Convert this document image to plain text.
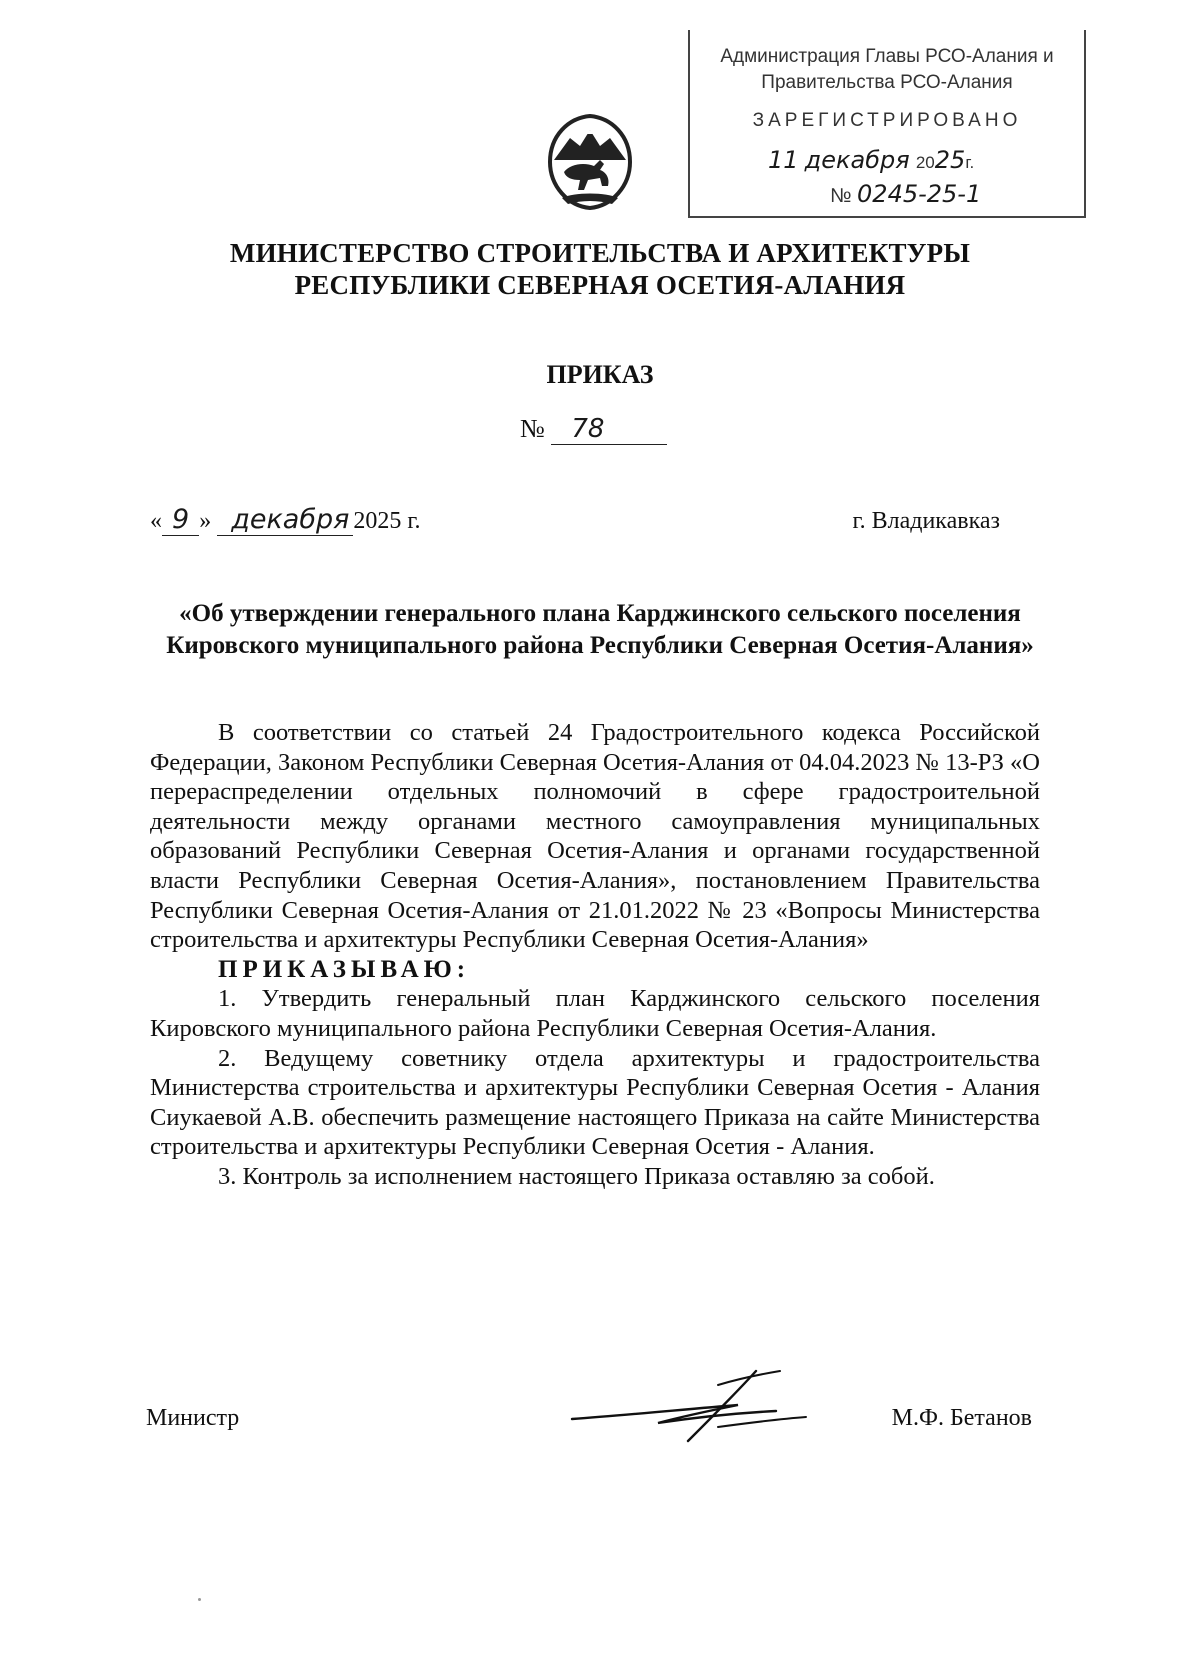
Администрация Главы РСО-Алания и
Правительства РСО-Алания
ЗАРЕГИСТРИРОВАНО
11 декабря 2025г.
№ 0245-25-1
МИНИСТЕРСТВО СТРОИТЕЛЬСТВА И АРХИТЕКТУРЫ
РЕСПУБЛИКИ СЕВЕРНАЯ ОСЕТИЯ-АЛАНИЯ
ПРИКАЗ
№ 78
« 9 » декабря 2025 г.	г. Владикавказ
«Об утверждении генерального плана Карджинского сельского поселения Кировского муниципального района Республики Северная Осетия-Алания»

В соответствии со статьей 24 Градостроительного кодекса Российской Федерации, Законом Республики Северная Осетия-Алания от 04.04.2023 № 13-РЗ «О перераспределении отдельных полномочий в сфере градостроительной деятельности между органами местного самоуправления муниципальных образований Республики Северная Осетия-Алания и органами государственной власти Республики Северная Осетия-Алания», постановлением Правительства Республики Северная Осетия-Алания от 21.01.2022 № 23 «Вопросы Министерства строительства и архитектуры Республики Северная Осетия-Алания»

ПРИКАЗЫВАЮ:

1. Утвердить генеральный план Карджинского сельского поселения Кировского муниципального района Республики Северная Осетия-Алания.

2. Ведущему советнику отдела архитектуры и градостроительства Министерства строительства и архитектуры Республики Северная Осетия - Алания Сиукаевой А.В. обеспечить размещение настоящего Приказа на сайте Министерства строительства и архитектуры Республики Северная Осетия - Алания.

3. Контроль за исполнением настоящего Приказа оставляю за собой.

Министр	М.Ф. Бетанов
